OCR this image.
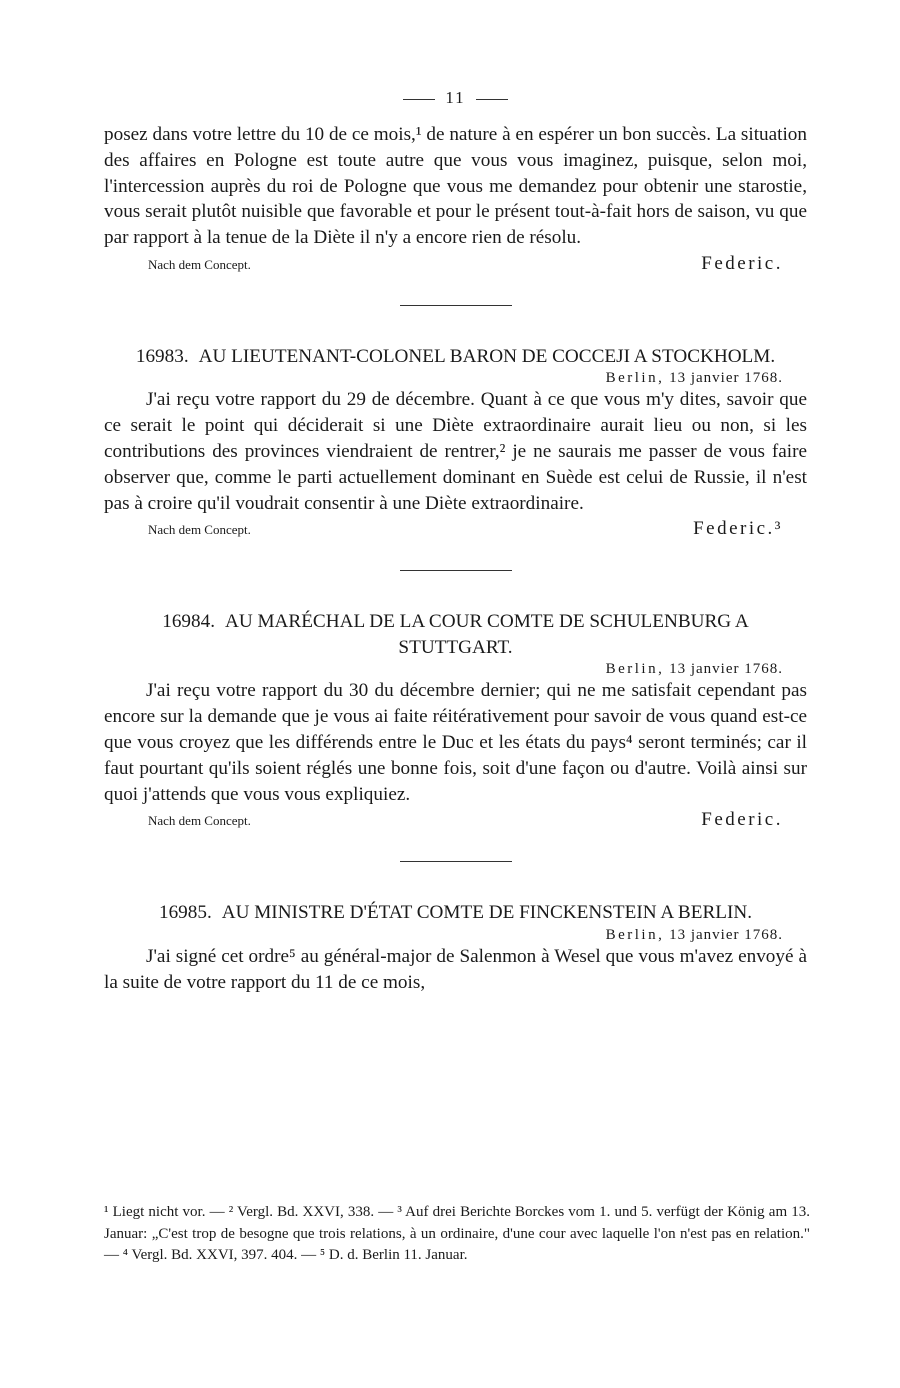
11

posez dans votre lettre du 10 de ce mois,¹ de nature à en espérer un bon succès. La situation des affaires en Pologne est toute autre que vous vous imaginez, puisque, selon moi, l'intercession auprès du roi de Pologne que vous me demandez pour obtenir une starostie, vous serait plutôt nuisible que favorable et pour le présent tout-à-fait hors de saison, vu que par rapport à la tenue de la Diète il n'y a encore rien de résolu.

Nach dem Concept.	Federic.
16983. AU LIEUTENANT-COLONEL BARON DE COCCEJI A STOCKHOLM.
Berlin, 13 janvier 1768.

J'ai reçu votre rapport du 29 de décembre. Quant à ce que vous m'y dites, savoir que ce serait le point qui déciderait si une Diète extraordinaire aurait lieu ou non, si les contributions des provinces viendraient de rentrer,² je ne saurais me passer de vous faire observer que, comme le parti actuellement dominant en Suède est celui de Russie, il n'est pas à croire qu'il voudrait consentir à une Diète extraordinaire.

Nach dem Concept.	Federic.³
16984. AU MARÉCHAL DE LA COUR COMTE DE SCHULENBURG A STUTTGART.
Berlin, 13 janvier 1768.

J'ai reçu votre rapport du 30 du décembre dernier; qui ne me satisfait cependant pas encore sur la demande que je vous ai faite réitérativement pour savoir de vous quand est-ce que vous croyez que les différends entre le Duc et les états du pays⁴ seront terminés; car il faut pourtant qu'ils soient réglés une bonne fois, soit d'une façon ou d'autre. Voilà ainsi sur quoi j'attends que vous vous expliquiez.

Nach dem Concept.	Federic.
16985. AU MINISTRE D'ÉTAT COMTE DE FINCKENSTEIN A BERLIN.
Berlin, 13 janvier 1768.

J'ai signé cet ordre⁵ au général-major de Salenmon à Wesel que vous m'avez envoyé à la suite de votre rapport du 11 de ce mois,

¹ Liegt nicht vor. — ² Vergl. Bd. XXVI, 338. — ³ Auf drei Berichte Borckes vom 1. und 5. verfügt der König am 13. Januar: „C'est trop de besogne que trois relations, à un ordinaire, d'une cour avec laquelle l'on n'est pas en relation." — ⁴ Vergl. Bd. XXVI, 397. 404. — ⁵ D. d. Berlin 11. Januar.
